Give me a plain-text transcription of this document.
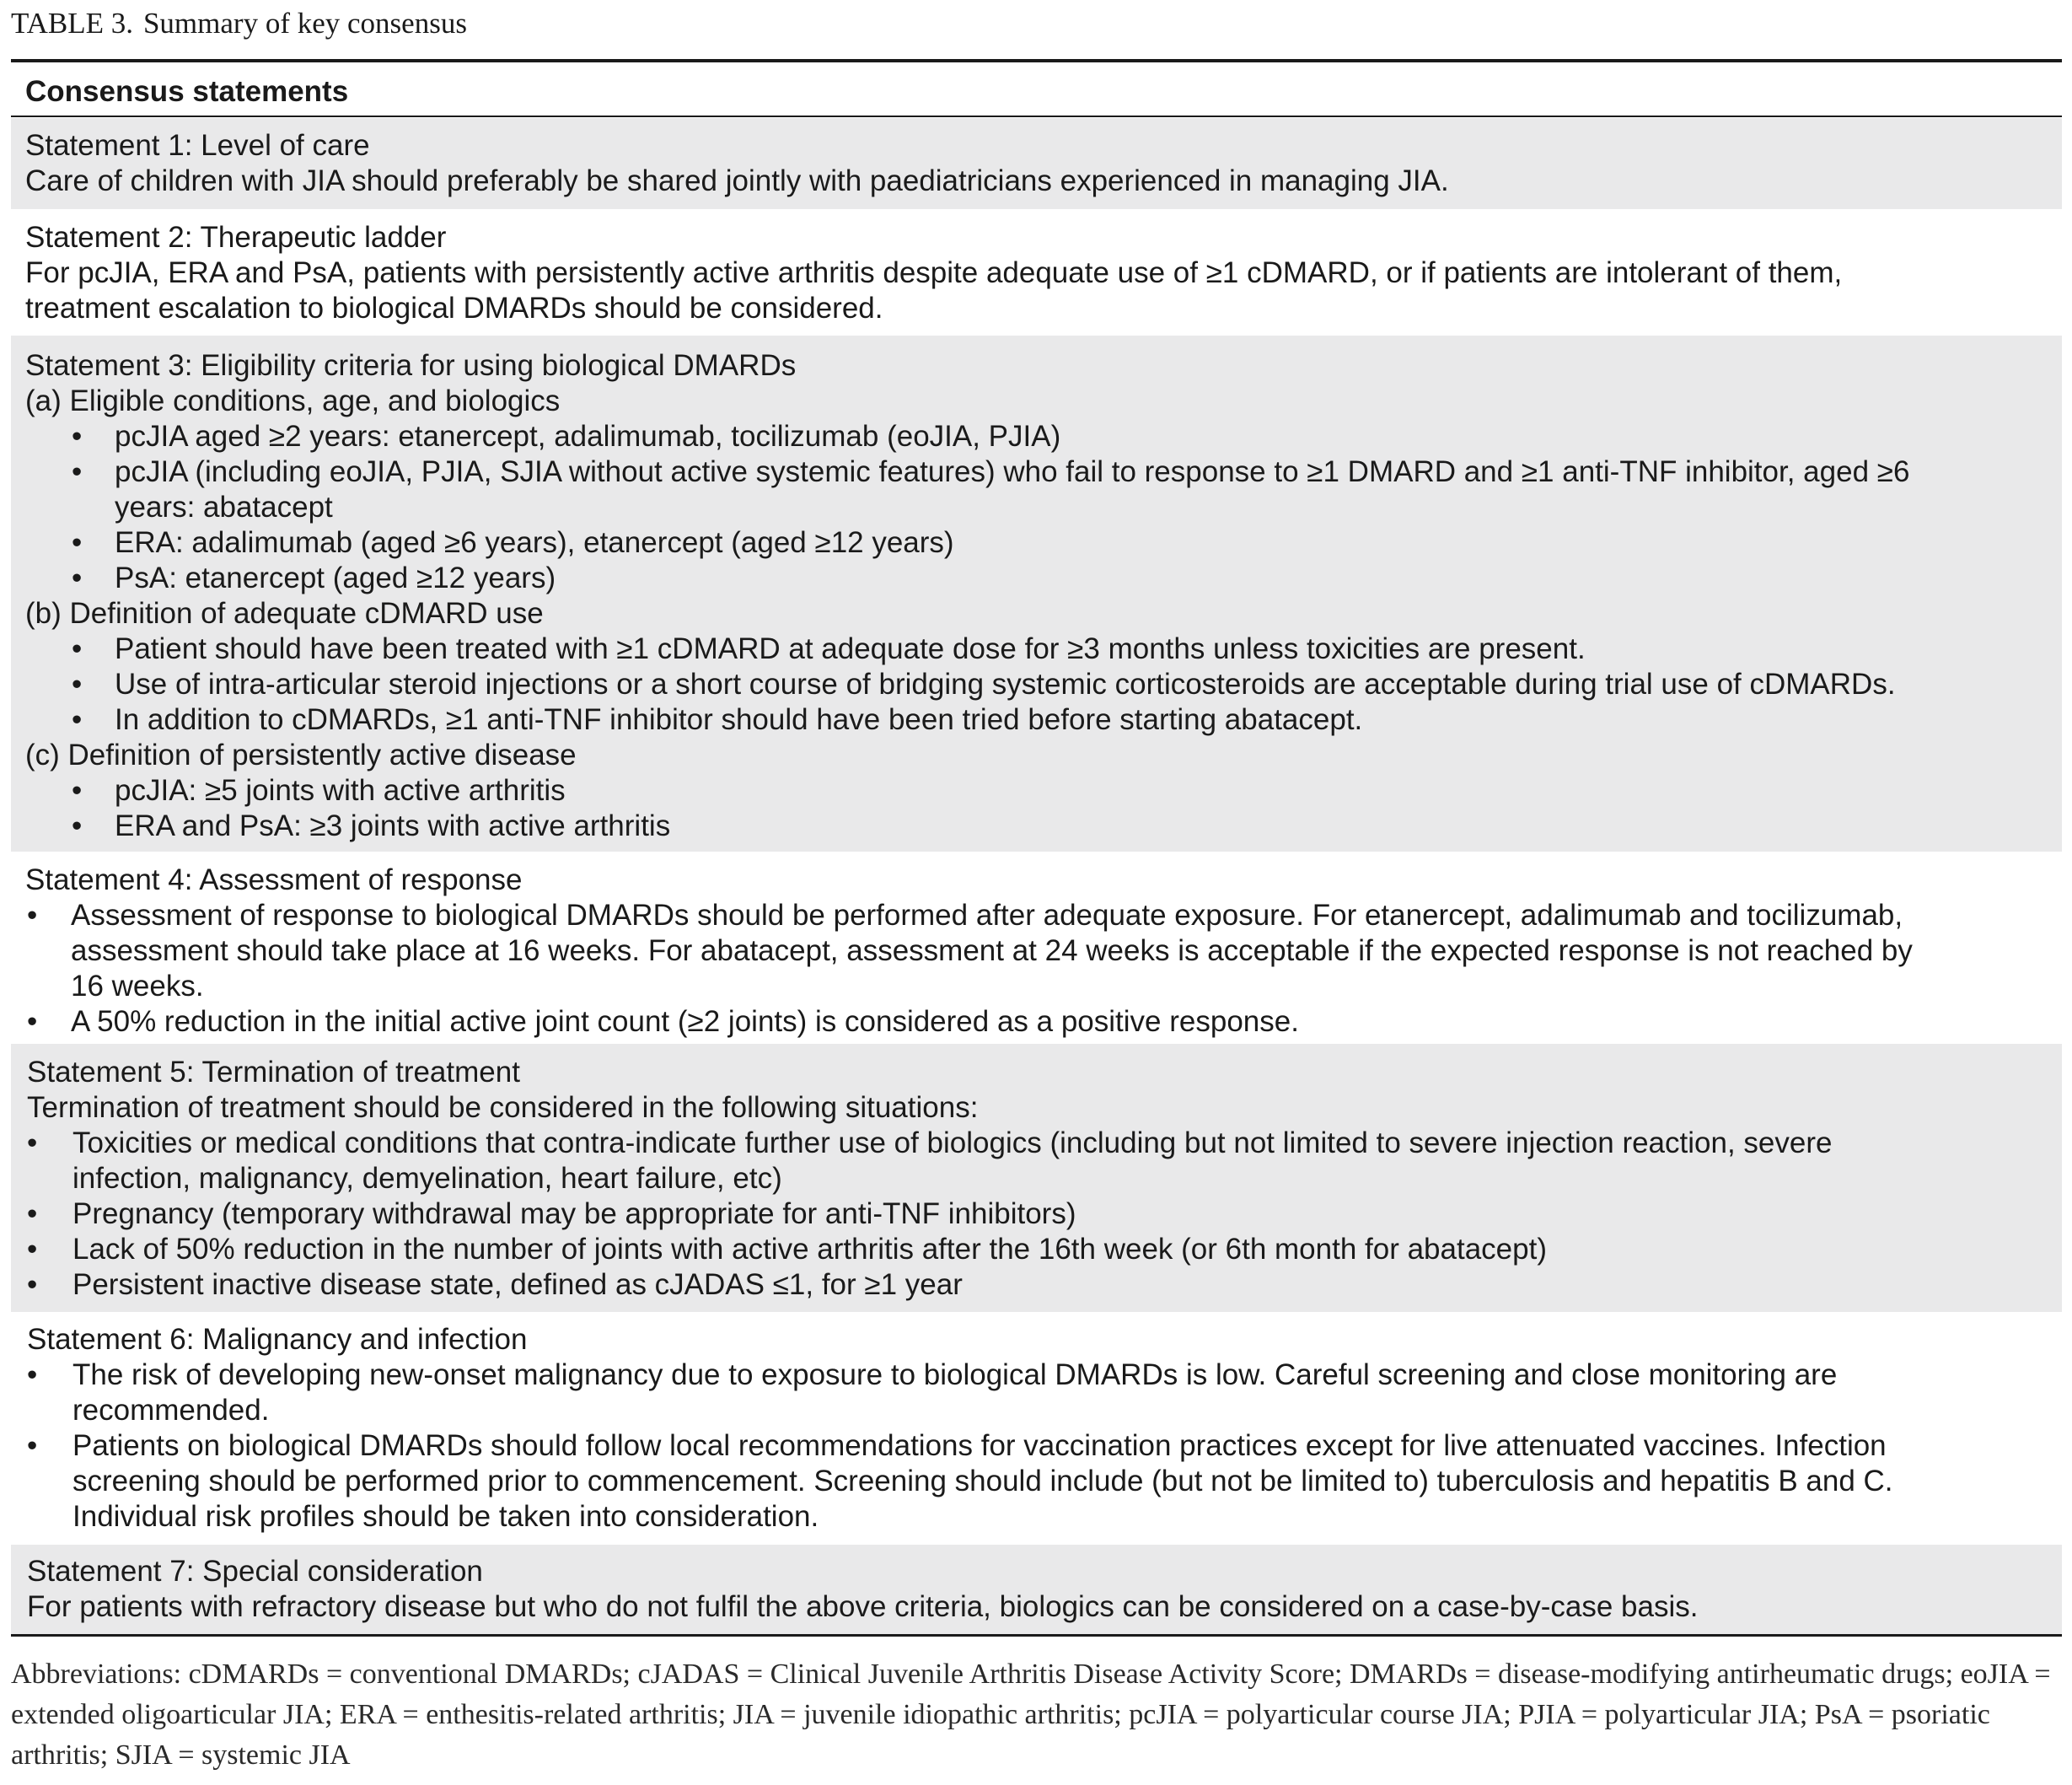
TABLE 3. Summary of key consensus
Consensus statements
Statement 1: Level of care
Care of children with JIA should preferably be shared jointly with paediatricians experienced in managing JIA.
Statement 2: Therapeutic ladder
For pcJIA, ERA and PsA, patients with persistently active arthritis despite adequate use of ≥1 cDMARD, or if patients are intolerant of them,
treatment escalation to biological DMARDs should be considered.
Statement 3: Eligibility criteria for using biological DMARDs
(a) Eligible conditions, age, and biologics
• pcJIA aged ≥2 years: etanercept, adalimumab, tocilizumab (eoJIA, PJIA)
• pcJIA (including eoJIA, PJIA, SJIA without active systemic features) who fail to response to ≥1 DMARD and ≥1 anti-TNF inhibitor, aged ≥6
years: abatacept
• ERA: adalimumab (aged ≥6 years), etanercept (aged ≥12 years)
• PsA: etanercept (aged ≥12 years)
(b) Definition of adequate cDMARD use
• Patient should have been treated with ≥1 cDMARD at adequate dose for ≥3 months unless toxicities are present.
• Use of intra-articular steroid injections or a short course of bridging systemic corticosteroids are acceptable during trial use of cDMARDs.
• In addition to cDMARDs, ≥1 anti-TNF inhibitor should have been tried before starting abatacept.
(c) Definition of persistently active disease
• pcJIA: ≥5 joints with active arthritis
• ERA and PsA: ≥3 joints with active arthritis
Statement 4: Assessment of response
• Assessment of response to biological DMARDs should be performed after adequate exposure. For etanercept, adalimumab and tocilizumab,
assessment should take place at 16 weeks. For abatacept, assessment at 24 weeks is acceptable if the expected response is not reached by
16 weeks.
• A 50% reduction in the initial active joint count (≥2 joints) is considered as a positive response.
Statement 5: Termination of treatment
Termination of treatment should be considered in the following situations:
• Toxicities or medical conditions that contra-indicate further use of biologics (including but not limited to severe injection reaction, severe
infection, malignancy, demyelination, heart failure, etc)
• Pregnancy (temporary withdrawal may be appropriate for anti-TNF inhibitors)
• Lack of 50% reduction in the number of joints with active arthritis after the 16th week (or 6th month for abatacept)
• Persistent inactive disease state, defined as cJADAS ≤1, for ≥1 year
Statement 6: Malignancy and infection
• The risk of developing new-onset malignancy due to exposure to biological DMARDs is low. Careful screening and close monitoring are
recommended.
• Patients on biological DMARDs should follow local recommendations for vaccination practices except for live attenuated vaccines. Infection
screening should be performed prior to commencement. Screening should include (but not be limited to) tuberculosis and hepatitis B and C.
Individual risk profiles should be taken into consideration.
Statement 7: Special consideration
For patients with refractory disease but who do not fulfil the above criteria, biologics can be considered on a case-by-case basis.
Abbreviations: cDMARDs = conventional DMARDs; cJADAS = Clinical Juvenile Arthritis Disease Activity Score; DMARDs = disease-modifying antirheumatic drugs; eoJIA = extended oligoarticular JIA; ERA = enthesitis-related arthritis; JIA = juvenile idiopathic arthritis; pcJIA = polyarticular course JIA; PJIA = polyarticular JIA; PsA = psoriatic arthritis; SJIA = systemic JIA
